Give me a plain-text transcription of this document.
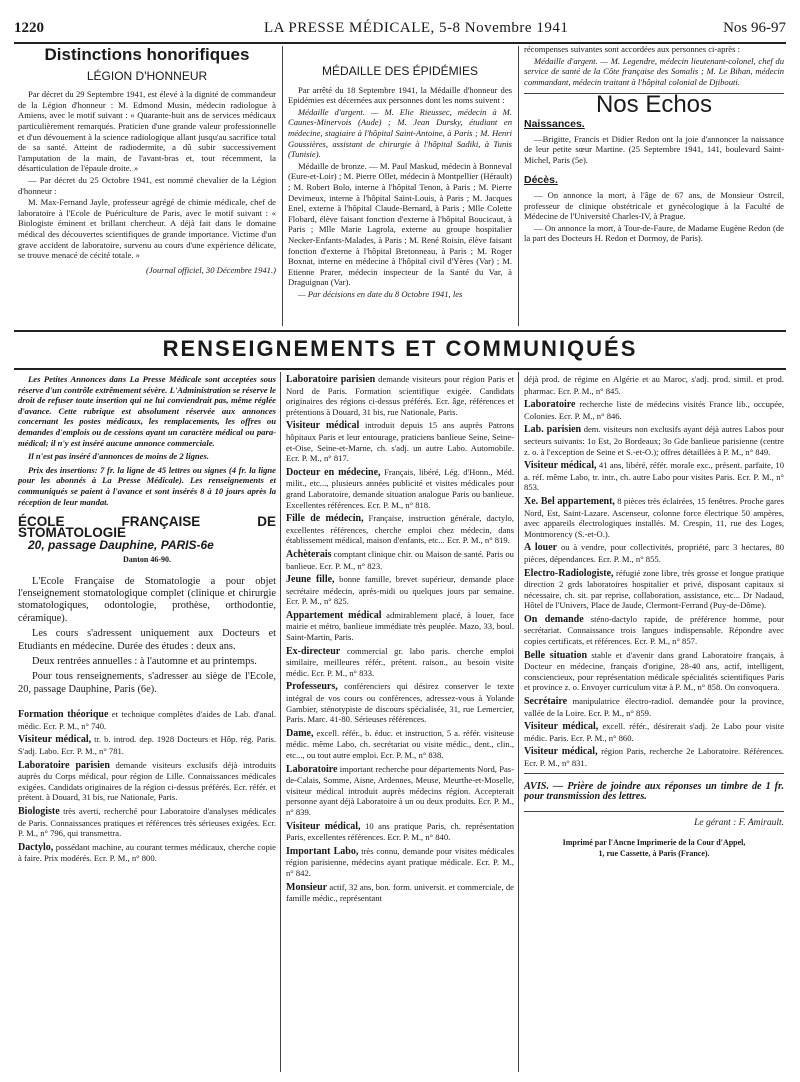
1220	LA PRESSE MÉDICALE, 5-8 Novembre 1941	Nos 96-97
Distinctions honorifiques
LÉGION D'HONNEUR

Par décret du 29 Septembre 1941, est élevé à la dignité de commandeur de la Légion d'honneur : M. Edmond Musin, médecin radiologue à Amiens, avec le motif suivant : « Quarante-huit ans de services médicaux particulièrement remarqués. Praticien d'une grande valeur professionnelle et d'un dévouement à la science radiologique allant jusqu'au sacrifice total de sa santé. Atteint de radiodermite, a dû subir successivement l'amputation de la main, de l'avant-bras et, tout récemment, la désarticulation de l'épaule droite. »

— Par décret du 25 Octobre 1941, est nommé chevalier de la Légion d'honneur :

M. Max-Fernand Jayle, professeur agrégé de chimie médicale, chef de laboratoire à l'Ecole de Puériculture de Paris, avec le motif suivant : « Biologiste éminent et brillant chercheur. A déjà fait dans le domaine médical des découvertes scientifiques de grande importance. Victime d'un grave accident de laboratoire, survenu au cours d'une expérience délicate, se trouve menacé de cécité totale. »

(Journal officiel, 30 Décembre 1941.)
MÉDAILLE DES ÉPIDÉMIES

Par arrêté du 18 Septembre 1941, la Médaille d'honneur des Epidémies est décernées aux personnes dont les noms suivent :

Médaille d'argent. — M. Elie Rieussec, médecin à M. Caunes-Minervois (Aude) ; M. Jean Dursky, étudiant en médecine, stagiaire à l'hôpital Saint-Antoine, à Paris ; M. Henri Goussières, assistant de chirurgie à l'hôpital Sadiki, à Tunis (Tunisie).

Médaille de bronze. — M. Paul Maskud, médecin à Bonneval (Eure-et-Loir) ; M. Pierre Ollet, médecin à Montpellier (Hérault) ; M. Robert Bolo, interne à l'hôpital Tenon, à Paris ; M. Pierre Devimeux, interne à l'hôpital Saint-Louis, à Paris ; M. Jacques Enel, externe à l'hôpital Claude-Bernard, à Paris ; Mlle Colette Flobard, élève faisant fonction d'externe à l'hôpital Boucicaut, à Paris ; Mlle Marie Lagrola, externe au groupe hospitalier Necker-Enfants-Malades, à Paris ; M. René Roisin, élève faisant fonction d'externe à l'hôpital Bretonneau, à Paris ; M. Roger Boxnat, interne en médecine à l'hôpital civil d'Yères (Var) ; M. Etienne Prarer, médecin inspecteur de la Santé du Var, à Draguignan (Var).

— Par décisions en date du 8 Octobre 1941, les

récompenses suivantes sont accordées aux personnes ci-après :

Médaille d'argent. — M. Legendre, médecin lieutenant-colonel, chef du service de santé de la Côte française des Somalis ; M. Le Bihan, médecin commandant, médecin traitant à l'hôpital colonial de Djibouti.

Nos Echos
Naissances.

—Brigitte, Francis et Didier Redon ont la joie d'annoncer la naissance de leur petite sœur Martine. (25 Septembre 1941, 141, boulevard Saint-Michel, Paris (5e).

Décès.

— On annonce la mort, à l'âge de 67 ans, de Monsieur Ostrcil, professeur de clinique obstétricale et gynécologique à la Faculté de Médecine de l'Université Charles-IV, à Prague.

— On annonce la mort, à Tour-de-Faure, de Madame Eugène Redon (de la part des Docteurs H. Redon et Dormoy, de Paris).

RENSEIGNEMENTS ET COMMUNIQUÉS

Les Petites Annonces dans La Presse Médicale sont acceptées sous réserve d'un contrôle extrêmement sévère. L'Administration se réserve le droit de refuser toute insertion qui ne lui conviendrait pas, même réglée d'avance. Cette rubrique est absolument réservée aux annonces concernant les postes médicaux, les remplacements, les offres ou demandes d'emplois ou de cessions ayant un caractère médical ou para-médical; il n'y est inséré aucune annonce commerciale.

Il n'est pas inséré d'annonces de moins de 2 lignes.

Prix des insertions: 7 fr. la ligne de 45 lettres ou signes (4 fr. la ligne pour les abonnés à La Presse Médicale). Les renseignements et communiqués se paient à l'avance et sont insérés 8 à 10 jours après la réception de leur mandat.

ÉCOLE FRANÇAISE DE STOMATOLOGIE
20, passage Dauphine, PARIS-6e
Danton 46-90.

L'Ecole Française de Stomatologie a pour objet l'enseignement stomatologique complet (clinique et chirurgie stomatologiques, odontologie, prothèse, orthodontie, céramique).

Les cours s'adressent uniquement aux Docteurs et Etudiants en médecine. Durée des études : deux ans.

Deux rentrées annuelles : à l'automne et au printemps.

Pour tous renseignements, s'adresser au siège de l'Ecole, 20, passage Dauphine, Paris (6e).

Formation théorique et technique complètes d'aides de Lab. d'anal. médic. Ecr. P. M., n° 740.

Visiteur médical, tr. b. introd. dep. 1928 Docteurs et Hôp. rég. Paris. S'adj. Labo. Ecr. P. M., n° 781.

Laboratoire parisien demande visiteurs exclusifs déjà introduits auprès du Corps médical, pour région de Lille. Connaissances médicales exigées. Candidats originaires de la région ci-dessus préférés. Ecr. référ. et prétent. à Douard, 31 bis, rue Nationale, Paris.

Biologiste très averti, recherché pour Laboratoire d'analyses médicales de Paris. Connaissances pratiques et références très sérieuses exigées. Ecr. P. M., n° 796, qui transmettra.

Dactylo, possédant machine, au courant termes médicaux, cherche copie à faire. Prix modérés. Ecr. P. M., n° 800.

Laboratoire parisien demande visiteurs pour région Paris et Nord de Paris. Formation scientifique exigée. Candidats originaires des régions ci-dessus préférés. Ecr. âge, références et prétentions à Douard, 31 bis, rue Nationale, Paris.

Visiteur médical introduit depuis 15 ans auprès Patrons hôpitaux Paris et leur entourage, praticiens banlieue Seine, Seine-et-Oise, Seine-et-Marne, ch. s'adj. un autre Labo. Automobile. Ecr. P. M., n° 817.

Docteur en médecine, Français, libéré, Lég. d'Honn., Méd. milit., etc..., plusieurs années publicité et visites médicales pour grand Laboratoire, demande situation analogue Paris ou banlieue. Excellentes références. Ecr. P. M., n° 818.

Fille de médecin, Française, instruction générale, dactylo, excellentes références, cherche emploi chez médecin, dans établissement médical, maison d'enfants, etc... Ecr. P. M., n° 819.

Achèterais comptant clinique chir. ou Maison de santé. Paris ou banlieue. Ecr. P. M., n° 823.

Jeune fille, bonne famille, brevet supérieur, demande place secrétaire médecin, après-midi ou quelques jours par semaine. Ecr. P. M., n° 825.

Appartement médical admirablement placé, à louer, face mairie et métro, banlieue immédiate très peuplée. Mazo, 33, boul. Saint-Martin, Paris.

Ex-directeur commercial gr. labo paris. cherche emploi similaire, meilleures référ., prétent. raison., au besoin visite médic. Ecr. P. M., n° 833.

Professeurs, conférenciers qui désirez conserver le texte intégral de vos cours ou conférences, adressez-vous à Yolande Gambier, sténotypiste de discours spécialisée, 31, rue Lemercier, Paris. Marc. 41-80. Sérieuses références.

Dame, excell. référ., b. éduc. et instruction, 5 a. référ. visiteuse médic. même Labo, ch. secrétariat ou visite médic., dent., clin., etc..., ou tout autre emploi. Ecr. P. M., n° 838.

Laboratoire important recherche pour départements Nord, Pas-de-Calais, Somme, Aisne, Ardennes, Meuse, Meurthe-et-Moselle, visiteur médical introduit auprès médecins région. Accepterait personne ayant déjà Laboratoire à un ou deux produits. Ecr. P. M., n° 839.

Visiteur médical, 10 ans pratique Paris, ch. représentation Paris, excellentes références. Ecr. P. M., n° 840.

Important Labo, très connu, demande pour visites médicales région parisienne, médecins ayant pratique médicale. Ecr. P. M., n° 842.

Monsieur actif, 32 ans, bon. form. universit. et commerciale, de famille médic., représentant

déjà prod. de régime en Algérie et au Maroc, s'adj. prod. simil. et prod. pharmac. Ecr. P. M., n° 845.

Laboratoire recherche liste de médecins visités France lib., occupée, Colonies. Ecr. P. M., n° 846.

Lab. parisien dem. visiteurs non exclusifs ayant déjà autres Labos pour secteurs suivants: 1o Est, 2o Bordeaux; 3o Gde banlieue parisienne (centre z. o. à l'exception de Seine et S.-et-O.); offres détaillées à P. M., n° 849.

Visiteur médical, 41 ans, libéré, référ. morale exc., présent. parfaite, 10 a. réf. même Labo, tr. intr., ch. autre Labo pour visites Paris. Ecr. P. M., n° 853.

Xe. Bel appartement, 8 pièces très éclairées, 15 fenêtres. Proche gares Nord, Est, Saint-Lazare. Ascenseur, colonne force électrique 50 ampères, avec appareils électrologiques installés. M. Crespin, 11, rue des Loges, Montmorency (S.-et-O.).

A louer ou à vendre, pour collectivités, propriété, parc 3 hectares, 80 pièces, dépendances. Ecr. P. M., n° 855.

Electro-Radiologiste, réfugié zone libre, très grosse et longue pratique direction 2 grds laboratoires hospitalier et privé, disposant capitaux si nécessaire, ch. sit. par reprise, collaboration, assistance, etc... Dr Nadaud, Hôtel de l'Univers, Place de Jaude, Clermont-Ferrand (Puy-de-Dôme).

On demande sténo-dactylo rapide, de préférence homme, pour secrétariat. Connaissance trois langues indispensable. Répondre avec copies certificats, et références. Ecr. P. M., n° 857.

Belle situation stable et d'avenir dans grand Laboratoire français, à Docteur en médecine, français d'origine, 28-40 ans, actif, intelligent, consciencieux, pour représentation médicale spécialités scientifiques Paris et province z. o. Envoyer curriculum vitæ à P. M., n° 858. On convoquera.

Secrétaire manipulatrice électro-radiol. demandée pour la province, vallée de la Loire. Ecr. P. M., n° 859.

Visiteur médical, excell. référ., désirerait s'adj. 2e Labo pour visite médic. Paris. Ecr. P. M., n° 860.

Visiteur médical, région Paris, recherche 2e Laboratoire. Références. Ecr. P. M., n° 831.

AVIS. — Prière de joindre aux réponses un timbre de 1 fr. pour transmission des lettres.
Le gérant : F. Amirault.
Imprimé par l'Ancne Imprimerie de la Cour d'Appel,
1, rue Cassette, à Paris (France).
